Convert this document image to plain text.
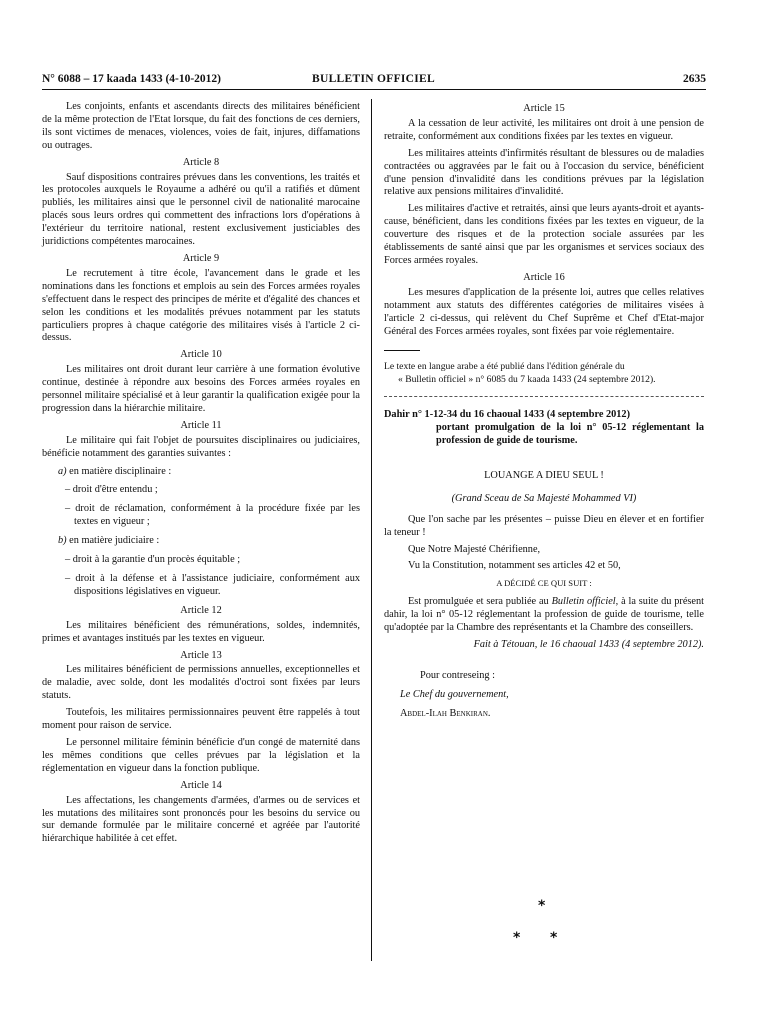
N° 6088 – 17 kaada 1433 (4-10-2012)	BULLETIN OFFICIEL	2635

Les conjoints, enfants et ascendants directs des militaires bénéficient de la même protection de l'Etat lorsque, du fait des fonctions de ces derniers, ils sont victimes de menaces, violences, voies de fait, injures, diffamations ou outrages.

Article 8

Sauf dispositions contraires prévues dans les conventions, les traités et les protocoles auxquels le Royaume a adhéré ou qu'il a ratifiés et dûment publiés, les militaires ainsi que le personnel civil de nationalité marocaine placés sous leurs ordres qui commettent des infractions lors d'opérations à l'extérieur du territoire national, restent exclusivement justiciables des juridictions compétentes marocaines.

Article 9

Le recrutement à titre école, l'avancement dans le grade et les nominations dans les fonctions et emplois au sein des Forces armées royales s'effectuent dans le respect des principes de mérite et d'égalité des chances et selon les conditions et les modalités prévues notamment par les statuts particuliers propres à chaque catégorie des militaires visés à l'article 2 ci-dessus.

Article 10

Les militaires ont droit durant leur carrière à une formation évolutive continue, destinée à répondre aux besoins des Forces armées royales en personnel militaire spécialisé et à leur garantir la qualification exigée pour la progression dans la hiérarchie militaire.

Article 11

Le militaire qui fait l'objet de poursuites disciplinaires ou judiciaires, bénéficie notamment des garanties suivantes :

a) en matière disciplinaire :

– droit d'être entendu ;

– droit de réclamation, conformément à la procédure fixée par les textes en vigueur ;

b) en matière judiciaire :

– droit à la garantie d'un procès équitable ;

– droit à la défense et à l'assistance judiciaire, conformément aux dispositions législatives en vigueur.

Article 12

Les militaires bénéficient des rémunérations, soldes, indemnités, primes et avantages institués par les textes en vigueur.

Article 13

Les militaires bénéficient de permissions annuelles, exceptionnelles et de maladie, avec solde, dont les modalités d'octroi sont fixées par leurs statuts.

Toutefois, les militaires permissionnaires peuvent être rappelés à tout moment pour raison de service.

Le personnel militaire féminin bénéficie d'un congé de maternité dans les mêmes conditions que celles prévues par la législation et la réglementation en vigueur dans la fonction publique.

Article 14

Les affectations, les changements d'armées, d'armes ou de services et les mutations des militaires sont prononcés pour les besoins du service ou sur demande formulée par le militaire concerné et agréée par l'autorité hiérarchique habilitée à cet effet.

Article 15

A la cessation de leur activité, les militaires ont droit à une pension de retraite, conformément aux conditions fixées par les textes en vigueur.

Les militaires atteints d'infirmités résultant de blessures ou de maladies contractées ou aggravées par le fait ou à l'occasion du service, bénéficient d'une pension d'invalidité dans les conditions prévues par la législation relative aux pensions militaires d'invalidité.

Les militaires d'active et retraités, ainsi que leurs ayants-droit et ayants-cause, bénéficient, dans les conditions fixées par les textes en vigueur, de la couverture des risques et de la protection sociale assurées par les établissements de santé ainsi que par les organismes et services sociaux des Forces armées royales.

Article 16

Les mesures d'application de la présente loi, autres que celles relatives notamment aux statuts des différentes catégories de militaires visées à l'article 2 ci-dessus, qui relèvent du Chef Suprême et Chef d'Etat-major Général des Forces armées royales, sont fixées par voie réglementaire.

Le texte en langue arabe a été publié dans l'édition générale du
« Bulletin officiel » n° 6085 du 7 kaada 1433 (24 septembre 2012).

Dahir n° 1-12-34 du 16 chaoual 1433 (4 septembre 2012)
portant promulgation de la loi n° 05-12 réglementant la profession de guide de tourisme.

LOUANGE A DIEU SEUL !

(Grand Sceau de Sa Majesté Mohammed VI)

Que l'on sache par les présentes – puisse Dieu en élever et en fortifier la teneur !

Que Notre Majesté Chérifienne,

Vu la Constitution, notamment ses articles 42 et 50,

A DÉCIDÉ CE QUI SUIT :

Est promulguée et sera publiée au Bulletin officiel, à la suite du présent dahir, la loi n° 05-12 réglementant la profession de guide de tourisme, telle qu'adoptée par la Chambre des représentants et la Chambre des conseillers.

Fait à Tétouan, le 16 chaoual 1433 (4 septembre 2012).

Pour contreseing :

Le Chef du gouvernement,

Abdel-Ilah Benkiran.

*
* *
